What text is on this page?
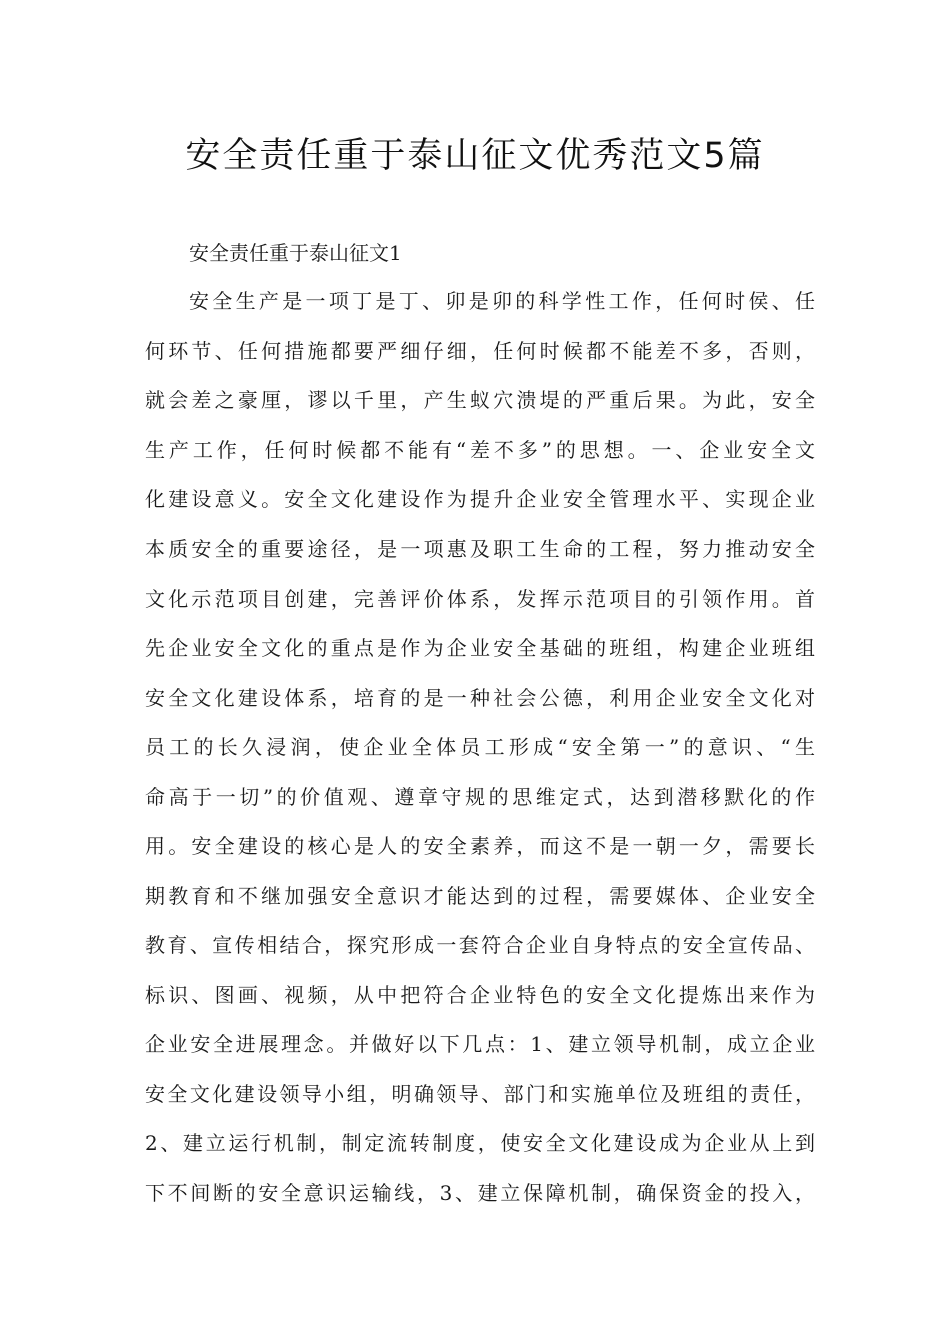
安全责任重于泰山征文优秀范文5篇
安全责任重于泰山征文1
安全生产是一项丁是丁、卯是卯的科学性工作，任何时侯、任
何环节、任何措施都要严细仔细，任何时候都不能差不多，否则，
就会差之豪厘，谬以千里，产生蚁穴溃堤的严重后果。为此，安全
生产工作，任何时候都不能有“差不多”的思想。一、企业安全文
化建设意义。安全文化建设作为提升企业安全管理水平、实现企业
本质安全的重要途径，是一项惠及职工生命的工程，努力推动安全
文化示范项目创建，完善评价体系，发挥示范项目的引领作用。首
先企业安全文化的重点是作为企业安全基础的班组，构建企业班组
安全文化建设体系，培育的是一种社会公德，利用企业安全文化对
员工的长久浸润，使企业全体员工形成“安全第一”的意识、“生
命高于一切”的价值观、遵章守规的思维定式，达到潜移默化的作
用。安全建设的核心是人的安全素养，而这不是一朝一夕，需要长
期教育和不继加强安全意识才能达到的过程，需要媒体、企业安全
教育、宣传相结合，探究形成一套符合企业自身特点的安全宣传品、
标识、图画、视频，从中把符合企业特色的安全文化提炼出来作为
企业安全进展理念。并做好以下几点：1、建立领导机制，成立企业
安全文化建设领导小组，明确领导、部门和实施单位及班组的责任，
2、建立运行机制，制定流转制度，使安全文化建设成为企业从上到
下不间断的安全意识运输线，3、建立保障机制，确保资金的投入，
